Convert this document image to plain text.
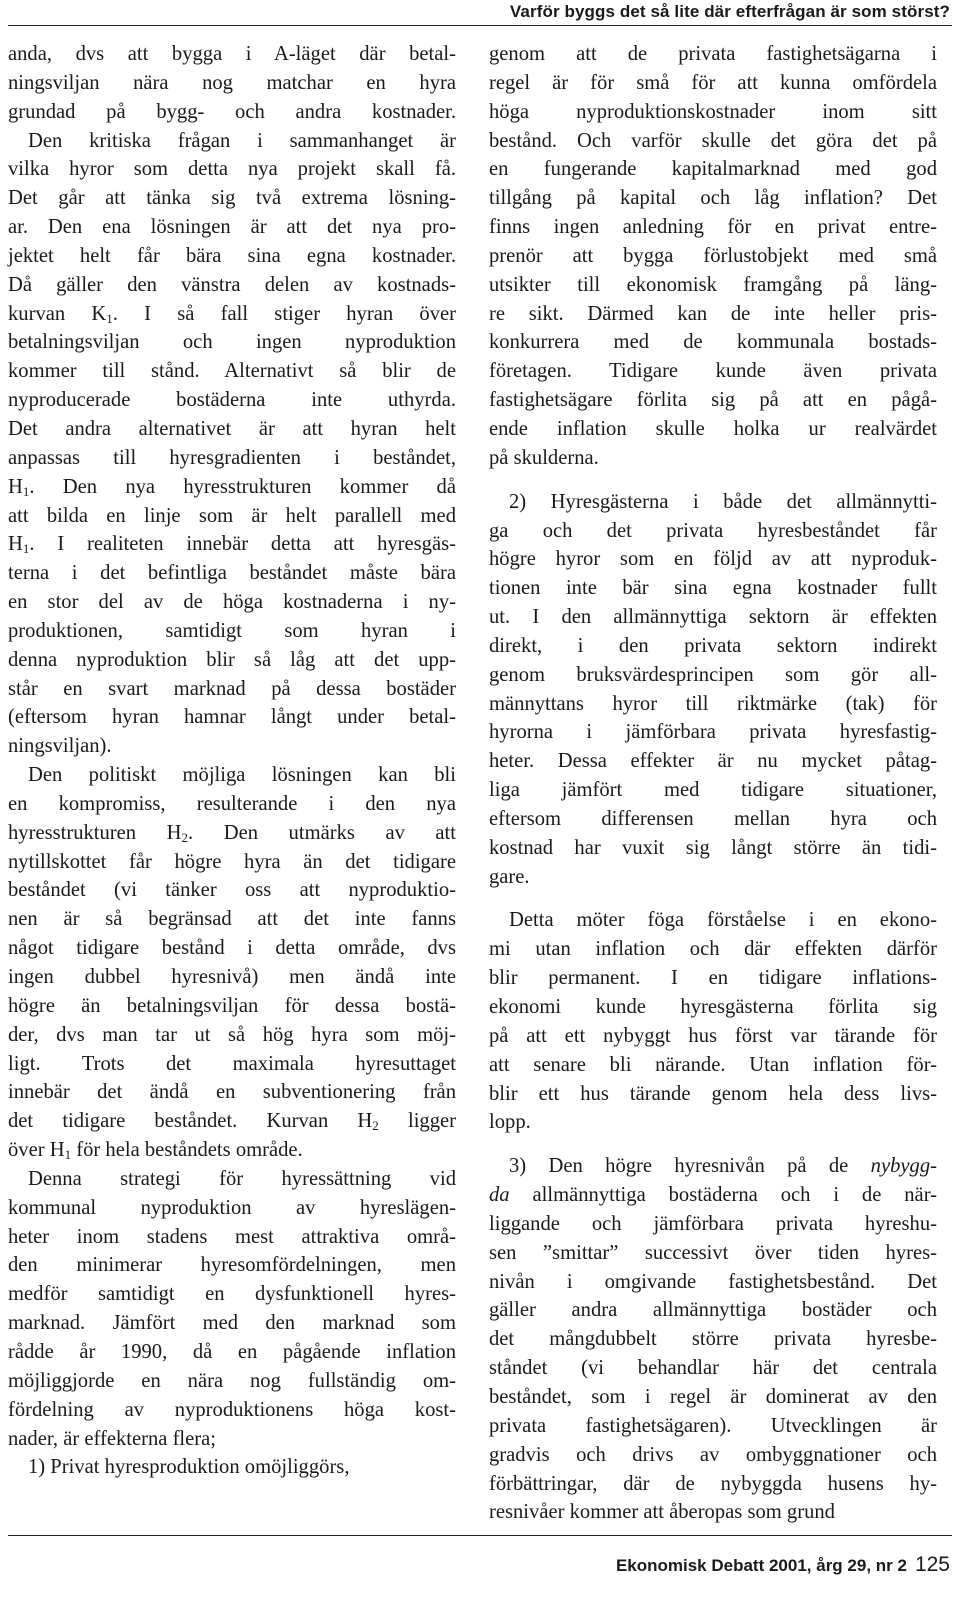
Varför byggs det så lite där efterfrågan är som störst?
anda, dvs att bygga i A-läget där betal-
ningsviljan nära nog matchar en hyra
grundad på bygg- och andra kostnader.
Den kritiska frågan i sammanhanget är
vilka hyror som detta nya projekt skall få.
Det går att tänka sig två extrema lösning-
ar. Den ena lösningen är att det nya pro-
jektet helt får bära sina egna kostnader.
Då gäller den vänstra delen av kostnads-
kurvan $K_1$. I så fall stiger hyran över
betalningsviljan och ingen nyproduktion
kommer till stånd. Alternativt så blir de
nyproducerade bostäderna inte uthyrda.
Det andra alternativet är att hyran helt
anpassas till hyresgradienten i beståndet,
$H_1$. Den nya hyresstrukturen kommer då
att bilda en linje som är helt parallell med
$H_1$. I realiteten innebär detta att hyresgäs-
terna i det befintliga beståndet måste bära
en stor del av de höga kostnaderna i ny-
produktionen, samtidigt som hyran i
denna nyproduktion blir så låg att det upp-
står en svart marknad på dessa bostäder
(eftersom hyran hamnar långt under betal-
ningsviljan).
Den politiskt möjliga lösningen kan bli
en kompromiss, resulterande i den nya
hyresstrukturen $H_2$. Den utmärks av att
nytillskottet får högre hyra än det tidigare
beståndet (vi tänker oss att nyproduktio-
nen är så begränsad att det inte fanns
något tidigare bestånd i detta område, dvs
ingen dubbel hyresnivå) men ändå inte
högre än betalningsviljan för dessa bostä-
der, dvs man tar ut så hög hyra som möj-
ligt. Trots det maximala hyresuttaget
innebär det ändå en subventionering från
det tidigare beståndet. Kurvan $H_2$ ligger
över $H_1$ för hela beståndets område.
Denna strategi för hyressättning vid
kommunal nyproduktion av hyreslägen-
heter inom stadens mest attraktiva områ-
den minimerar hyresomfördelningen, men
medför samtidigt en dysfunktionell hyres-
marknad. Jämfört med den marknad som
rådde år 1990, då en pågående inflation
möjliggjorde en nära nog fullständig om-
fördelning av nyproduktionens höga kost-
nader, är effekterna flera;
1) Privat hyresproduktion omöjliggörs,
genom att de privata fastighetsägarna i
regel är för små för att kunna omfördela
höga nyproduktionskostnader inom sitt
bestånd. Och varför skulle det göra det på
en fungerande kapitalmarknad med god
tillgång på kapital och låg inflation? Det
finns ingen anledning för en privat entre-
prenör att bygga förlustobjekt med små
utsikter till ekonomisk framgång på läng-
re sikt. Därmed kan de inte heller pris-
konkurrera med de kommunala bostads-
företagen. Tidigare kunde även privata
fastighetsägare förlita sig på att en pågå-
ende inflation skulle holka ur realvärdet
på skulderna.
2) Hyresgästerna i både det allmännytti-
ga och det privata hyresbeståndet får
högre hyror som en följd av att nyproduk-
tionen inte bär sina egna kostnader fullt
ut. I den allmännyttiga sektorn är effekten
direkt, i den privata sektorn indirekt
genom bruksvärdesprincipen som gör all-
männyttans hyror till riktmärke (tak) för
hyrorna i jämförbara privata hyresfastig-
heter. Dessa effekter är nu mycket påtag-
liga jämfört med tidigare situationer,
eftersom differensen mellan hyra och
kostnad har vuxit sig långt större än tidi-
gare.
Detta möter föga förståelse i en ekono-
mi utan inflation och där effekten därför
blir permanent. I en tidigare inflations-
ekonomi kunde hyresgästerna förlita sig
på att ett nybyggt hus först var tärande för
att senare bli närande. Utan inflation för-
blir ett hus tärande genom hela dess livs-
lopp.
3) Den högre hyresnivån på de nybygg-
da allmännyttiga bostäderna och i de när-
liggande och jämförbara privata hyreshu-
sen ”smittar” successivt över tiden hyres-
nivån i omgivande fastighetsbestånd. Det
gäller andra allmännyttiga bostäder och
det mångdubbelt större privata hyresbe-
ståndet (vi behandlar här det centrala
beståndet, som i regel är dominerat av den
privata fastighetsägaren). Utvecklingen är
gradvis och drivs av ombyggnationer och
förbättringar, där de nybyggda husens hy-
resnivåer kommer att åberopas som grund
Ekonomisk Debatt 2001, årg 29, nr 2 125
